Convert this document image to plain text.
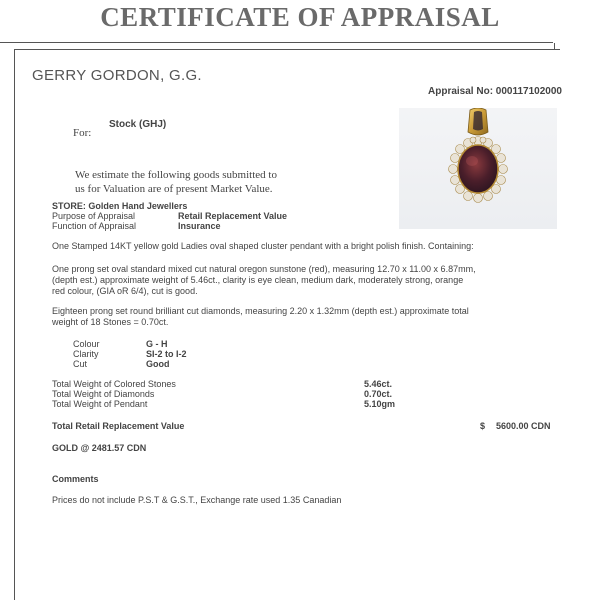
CERTIFICATE OF APPRAISAL
GERRY GORDON, G.G.
Appraisal No: 000117102000
Stock (GHJ)
For:
We estimate the following goods submitted to
us for Valuation are of present Market Value.
STORE: Golden Hand Jewellers
Purpose of Appraisal	Retail Replacement Value
Function of Appraisal	Insurance
One Stamped 14KT yellow gold Ladies oval shaped cluster pendant with a bright polish finish. Containing:
One prong set oval standard mixed cut natural oregon sunstone (red), measuring 12.70 x 11.00 x 6.87mm,
(depth est.) approximate weight of 5.46ct., clarity is eye clean, medium dark, moderately strong, orange
red colour, (GIA oR 6/4), cut is good.
Eighteen prong set round brilliant cut diamonds, measuring 2.20 x 1.32mm (depth est.) approximate total
weight of 18 Stones = 0.70ct.
Colour	G - H
Clarity	SI-2 to I-2
Cut	Good
Total Weight of Colored Stones	5.46ct.
Total Weight of Diamonds	0.70ct.
Total Weight of Pendant	5.10gm
Total Retail Replacement Value	$ 5600.00 CDN
GOLD @ 2481.57 CDN
Comments
Prices do not include P.S.T & G.S.T., Exchange rate used 1.35 Canadian
